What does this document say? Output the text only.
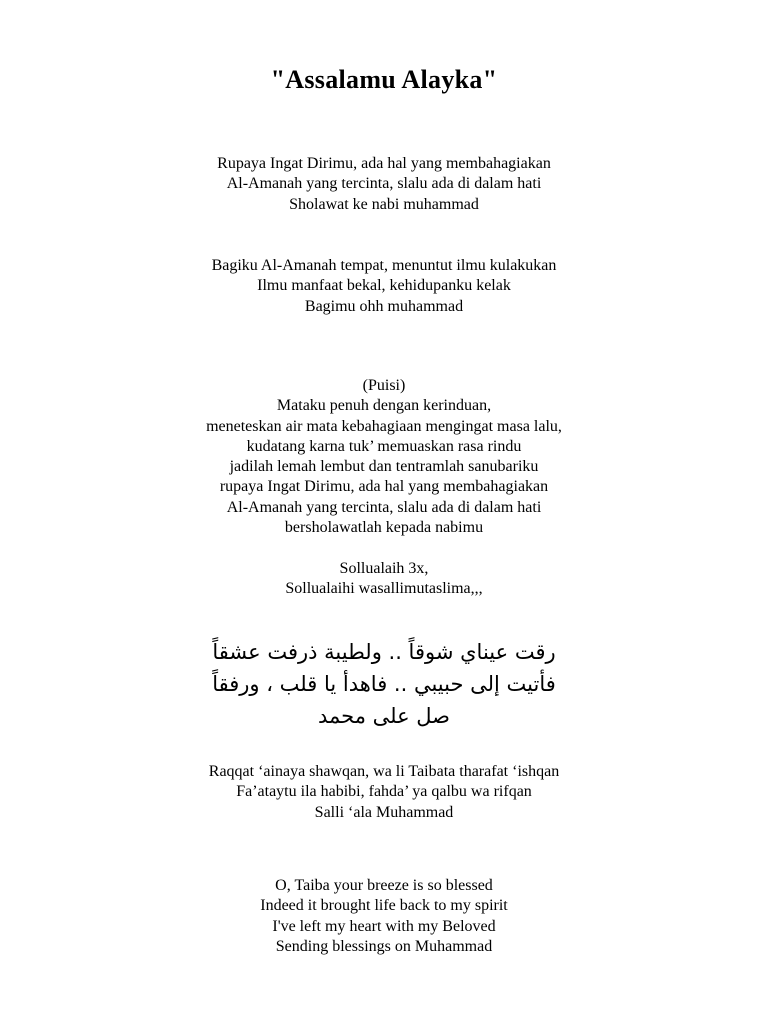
"Assalamu Alayka"
Rupaya Ingat Dirimu, ada hal yang membahagiakan
Al-Amanah yang tercinta, slalu ada di dalam hati
Sholawat ke nabi muhammad
Bagiku Al-Amanah tempat, menuntut ilmu kulakukan
Ilmu manfaat bekal, kehidupanku kelak
Bagimu ohh muhammad
(Puisi)
Mataku penuh dengan kerinduan,
meneteskan air mata kebahagiaan mengingat masa lalu,
kudatang karna tuk’ memuaskan rasa rindu
jadilah lemah lembut dan tentramlah sanubariku
rupaya Ingat Dirimu, ada hal yang membahagiakan
Al-Amanah yang tercinta, slalu ada di dalam hati
bersholawatlah kepada nabimu
Sollualaih 3x,
Sollualaihi wasallimutaslima,,,
رقت عيناي شوقاً .. ولطيبة ذرفت عشقاً
فأتيت إلى حبيبي .. فاهدأ يا قلب ، ورفقاً
صل على محمد
Raqqat ‘ainaya shawqan, wa li Taibata tharafat ‘ishqan
Fa’ataytu ila habibi, fahda’ ya qalbu wa rifqan
Salli ‘ala Muhammad
O, Taiba your breeze is so blessed
Indeed it brought life back to my spirit
I've left my heart with my Beloved
Sending blessings on Muhammad
